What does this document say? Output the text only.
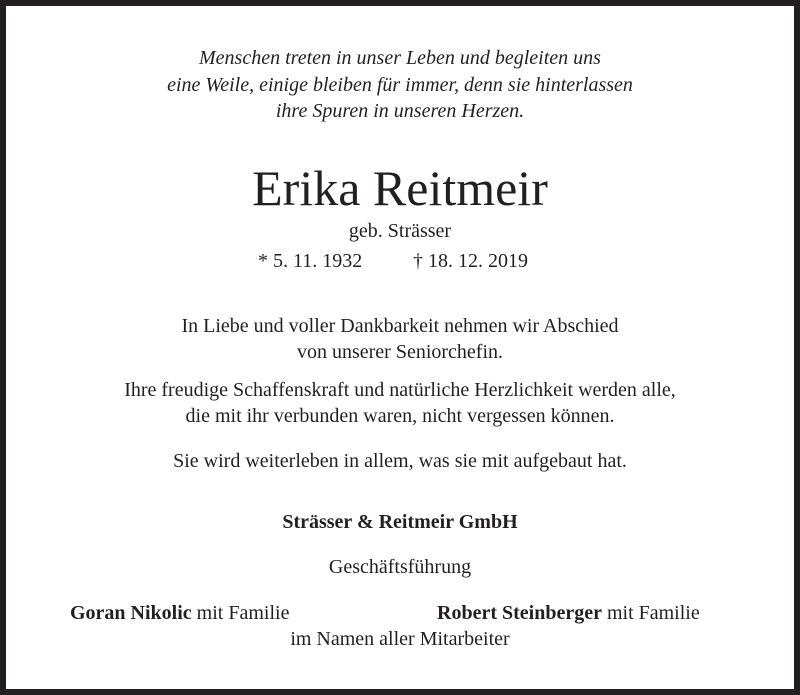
Menschen treten in unser Leben und begleiten uns
eine Weile, einige bleiben für immer, denn sie hinterlassen
ihre Spuren in unseren Herzen.
Erika Reitmeir
geb. Strässer
* 5. 11. 1932	† 18. 12. 2019
In Liebe und voller Dankbarkeit nehmen wir Abschied
von unserer Seniorchefin.
Ihre freudige Schaffenskraft und natürliche Herzlichkeit werden alle,
die mit ihr verbunden waren, nicht vergessen können.
Sie wird weiterleben in allem, was sie mit aufgebaut hat.
Strässer & Reitmeir GmbH
Geschäftsführung
Goran Nikolic mit Familie	Robert Steinberger mit Familie
im Namen aller Mitarbeiter
